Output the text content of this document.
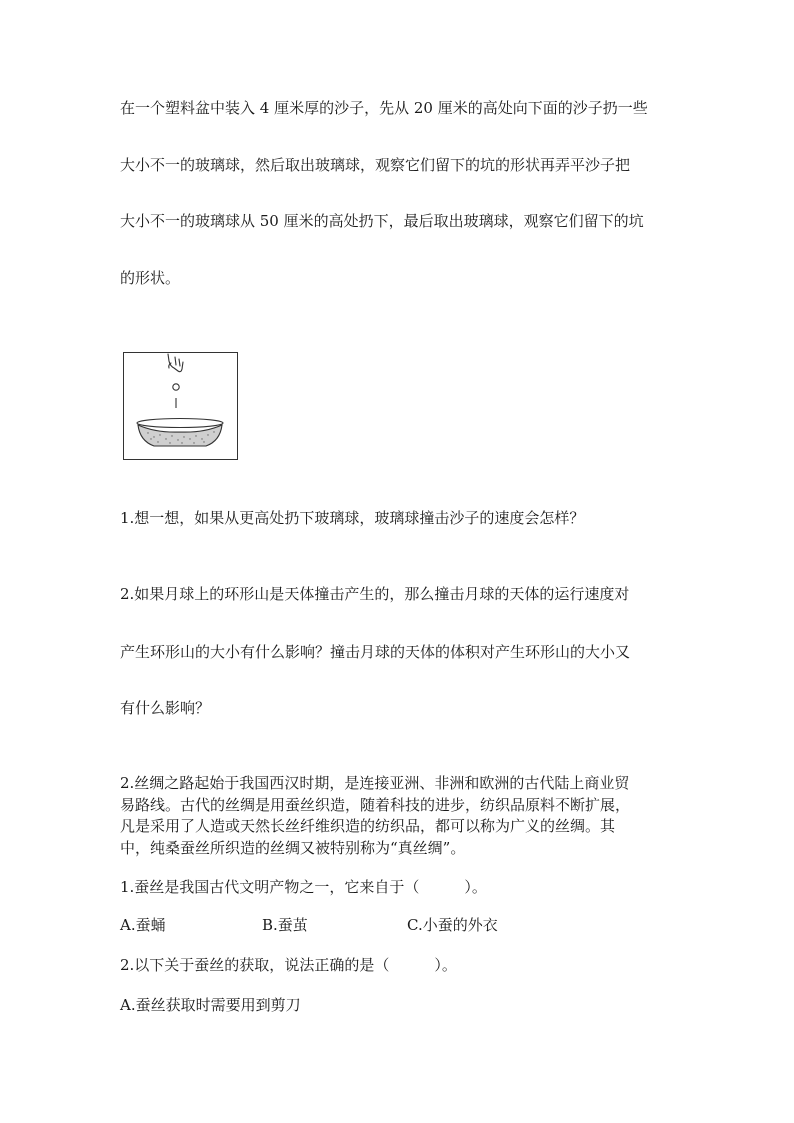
在一个塑料盆中装入 4 厘米厚的沙子，先从 20 厘米的高处向下面的沙子扔一些
大小不一的玻璃球，然后取出玻璃球，观察它们留下的坑的形状再弄平沙子把
大小不一的玻璃球从 50 厘米的高处扔下，最后取出玻璃球，观察它们留下的坑
的形状。
1.想一想，如果从更高处扔下玻璃球，玻璃球撞击沙子的速度会怎样？
2.如果月球上的环形山是天体撞击产生的，那么撞击月球的天体的运行速度对
产生环形山的大小有什么影响？撞击月球的天体的体积对产生环形山的大小又
有什么影响？
2.丝绸之路起始于我国西汉时期，是连接亚洲、非洲和欧洲的古代陆上商业贸
易路线。古代的丝绸是用蚕丝织造，随着科技的进步，纺织品原料不断扩展，
凡是采用了人造或天然长丝纤维织造的纺织品，都可以称为广义的丝绸。其
中，纯桑蚕丝所织造的丝绸又被特别称为“真丝绸”。
1.蚕丝是我国古代文明产物之一，它来自于（　　　）。
A.蚕蛹	B.蚕茧	C.小蚕的外衣
2.以下关于蚕丝的获取，说法正确的是（　　　）。
A.蚕丝获取时需要用到剪刀
